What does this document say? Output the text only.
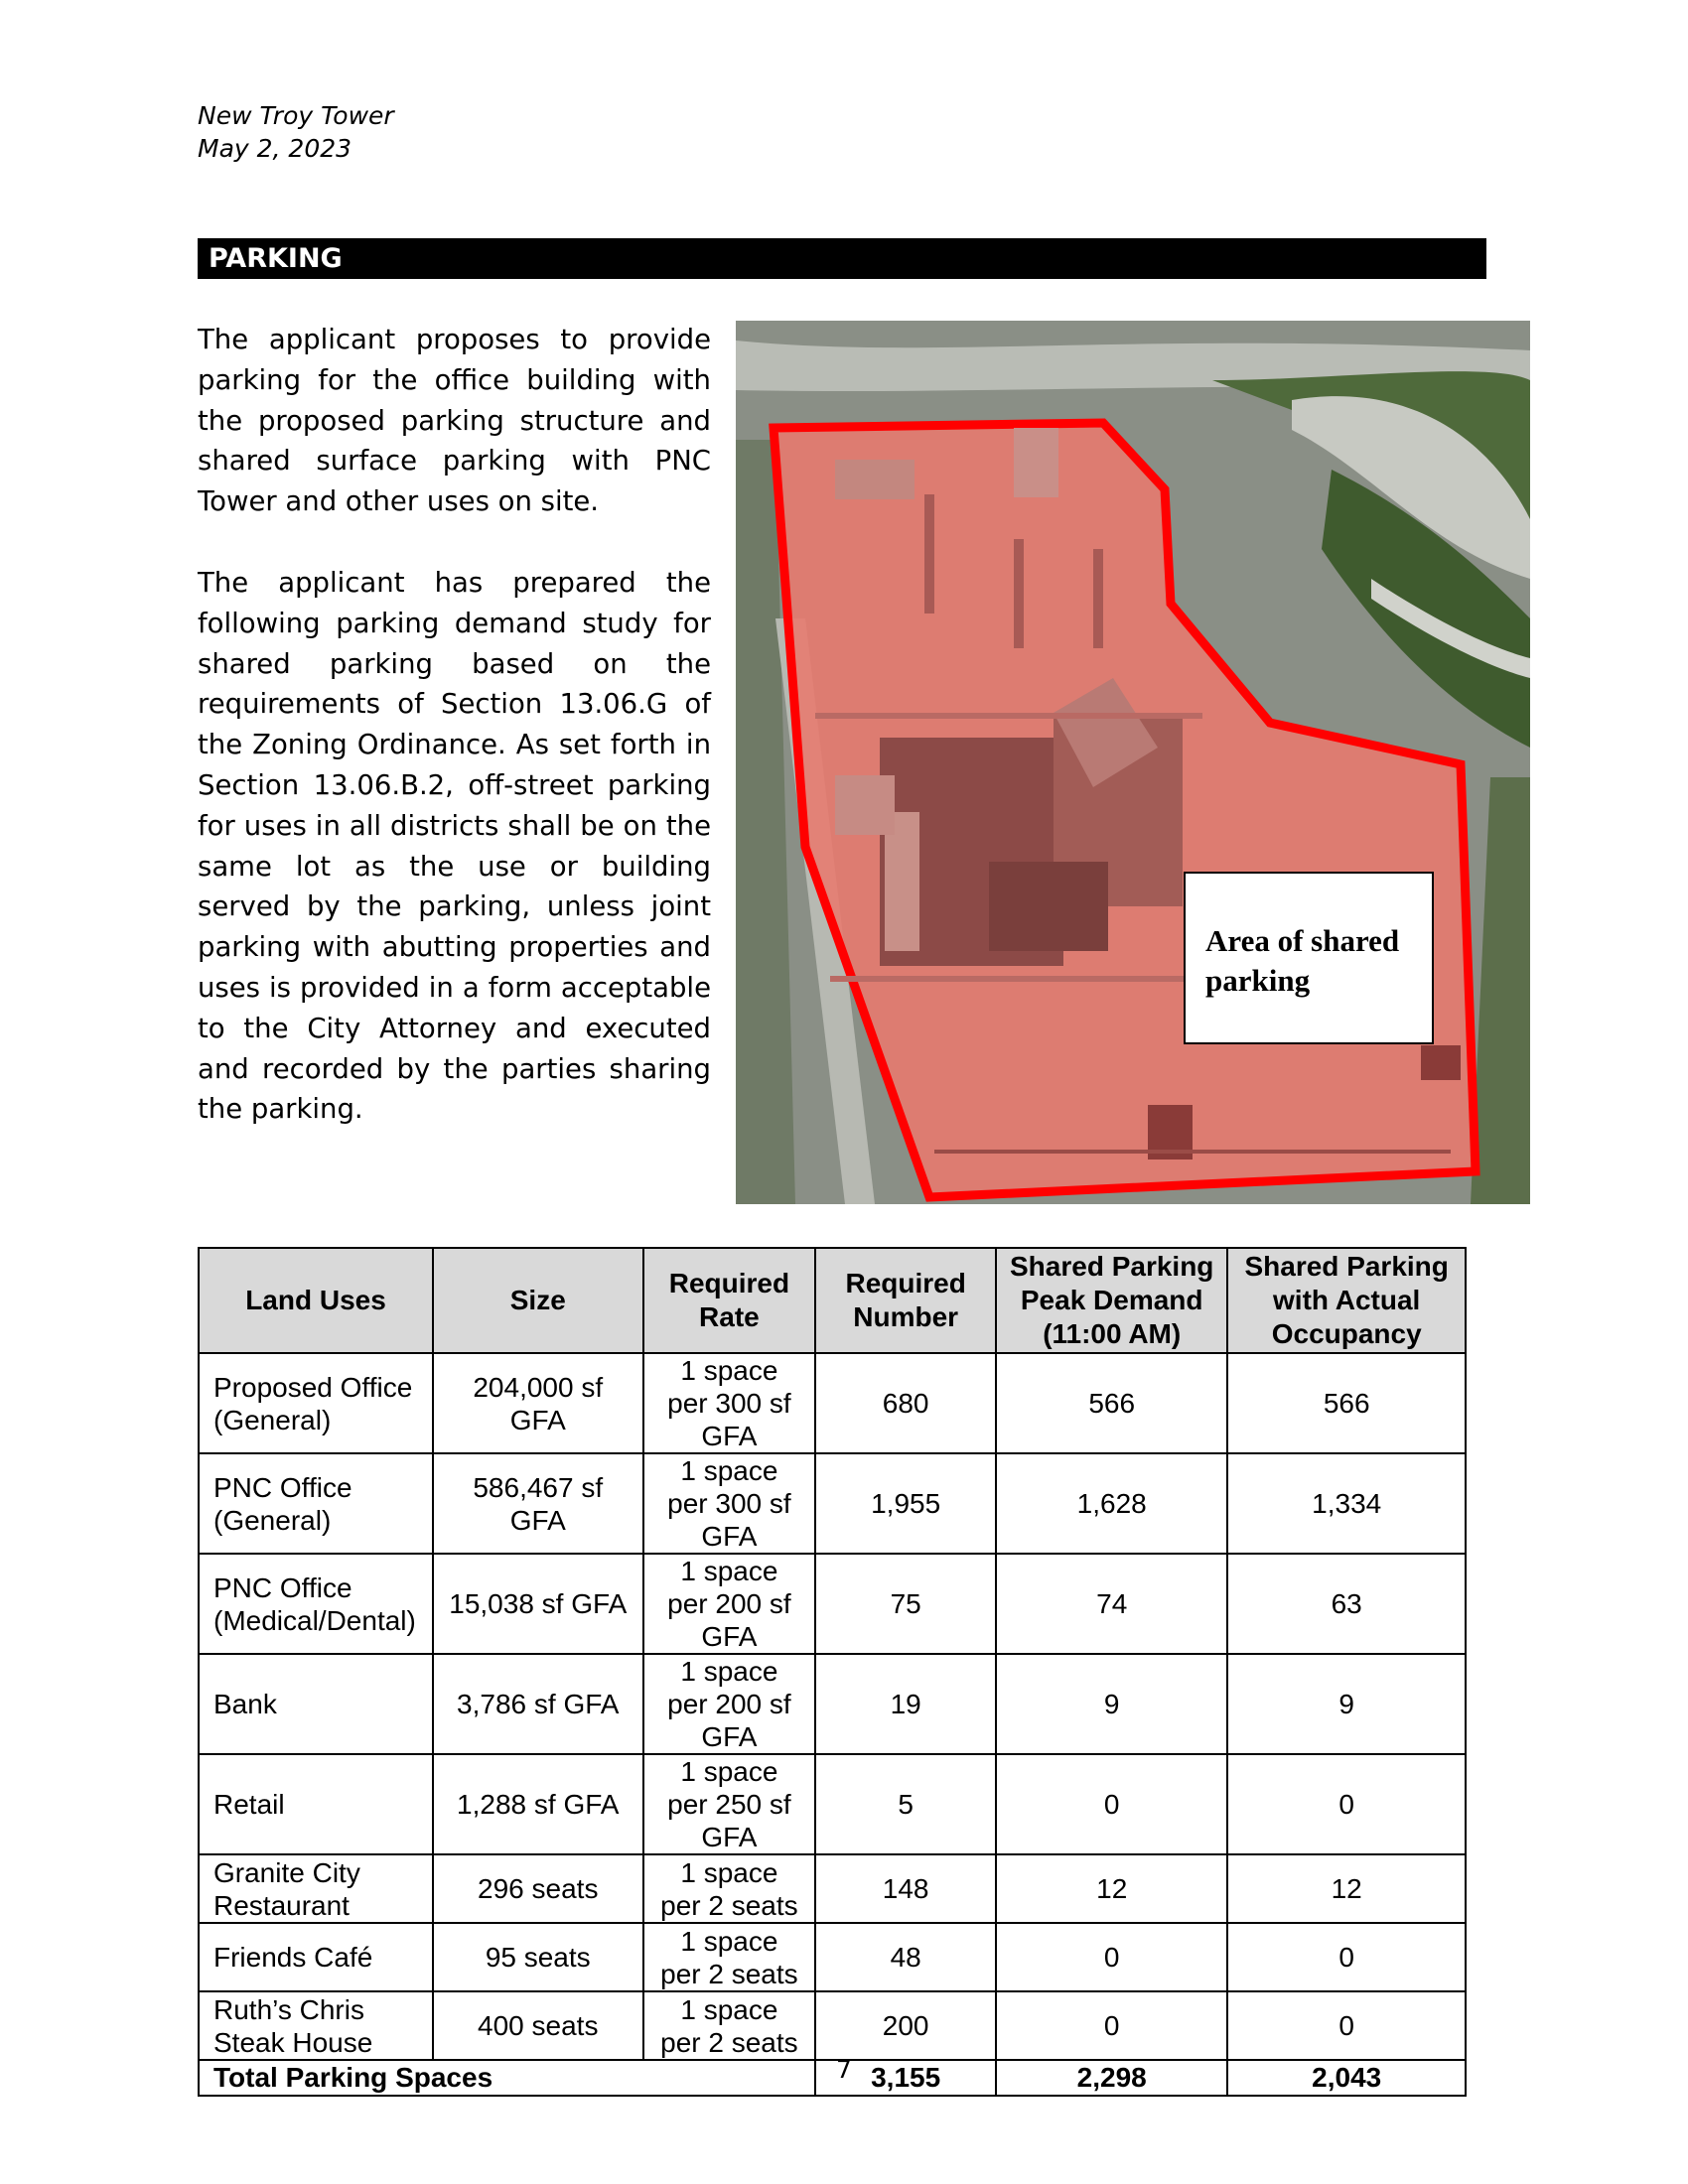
New Troy Tower
May 2, 2023
PARKING
The applicant proposes to provide parking for the office building with the proposed parking structure and shared surface parking with PNC Tower and other uses on site.
The applicant has prepared the following parking demand study for shared parking based on the requirements of Section 13.06.G of the Zoning Ordinance. As set forth in Section 13.06.B.2, off-street parking for uses in all districts shall be on the same lot as the use or building served by the parking, unless joint parking with abutting properties and uses is provided in a form acceptable to the City Attorney and executed and recorded by the parties sharing the parking.
Area of shared parking
Land Uses	Size	Required Rate	Required Number	Shared Parking Peak Demand (11:00 AM)	Shared Parking with Actual Occupancy
Proposed Office (General)	204,000 sf GFA	1 space per 300 sf GFA	680	566	566
PNC Office (General)	586,467 sf GFA	1 space per 300 sf GFA	1,955	1,628	1,334
PNC Office (Medical/Dental)	15,038 sf GFA	1 space per 200 sf GFA	75	74	63
Bank	3,786 sf GFA	1 space per 200 sf GFA	19	9	9
Retail	1,288 sf GFA	1 space per 250 sf GFA	5	0	0
Granite City Restaurant	296 seats	1 space per 2 seats	148	12	12
Friends Café	95 seats	1 space per 2 seats	48	0	0
Ruth’s Chris Steak House	400 seats	1 space per 2 seats	200	0	0
Total Parking Spaces			3,155	2,298	2,043
7
